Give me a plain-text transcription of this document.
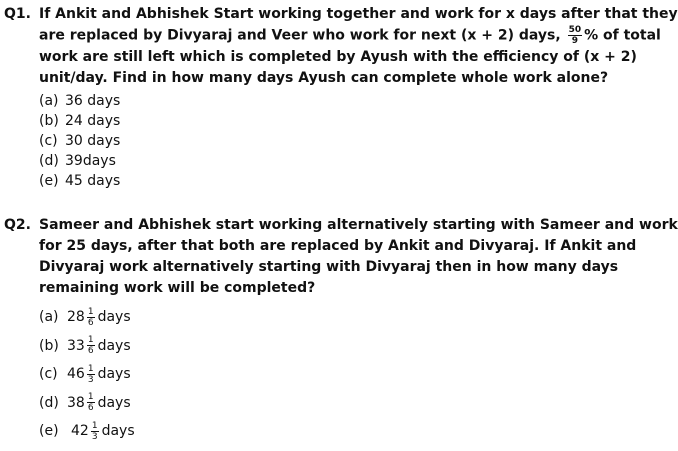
Q1. If Ankit and Abhishek Start working together and work for x days after that they
are replaced by Divyaraj and Veer who work for next (x + 2) days, $\frac{50}{9}$ % of total
work are still left which is completed by Ayush with the efficiency of (x + 2)
unit/day. Find in how many days Ayush can complete whole work alone?
(a) 36 days
(b) 24 days
(c) 30 days
(d) 39days
(e) 45 days
Q2. Sameer and Abhishek start working alternatively starting with Sameer and work
for 25 days, after that both are replaced by Ankit and Divyaraj. If Ankit and
Divyaraj work alternatively starting with Divyaraj then in how many days
remaining work will be completed?
(a) $28 \frac{1}{6}$ days
(b) $33 \frac{1}{6}$ days
(c) $46 \frac{1}{3}$ days
(d) $38 \frac{1}{6}$ days
(e) $42 \frac{1}{3}$ days
